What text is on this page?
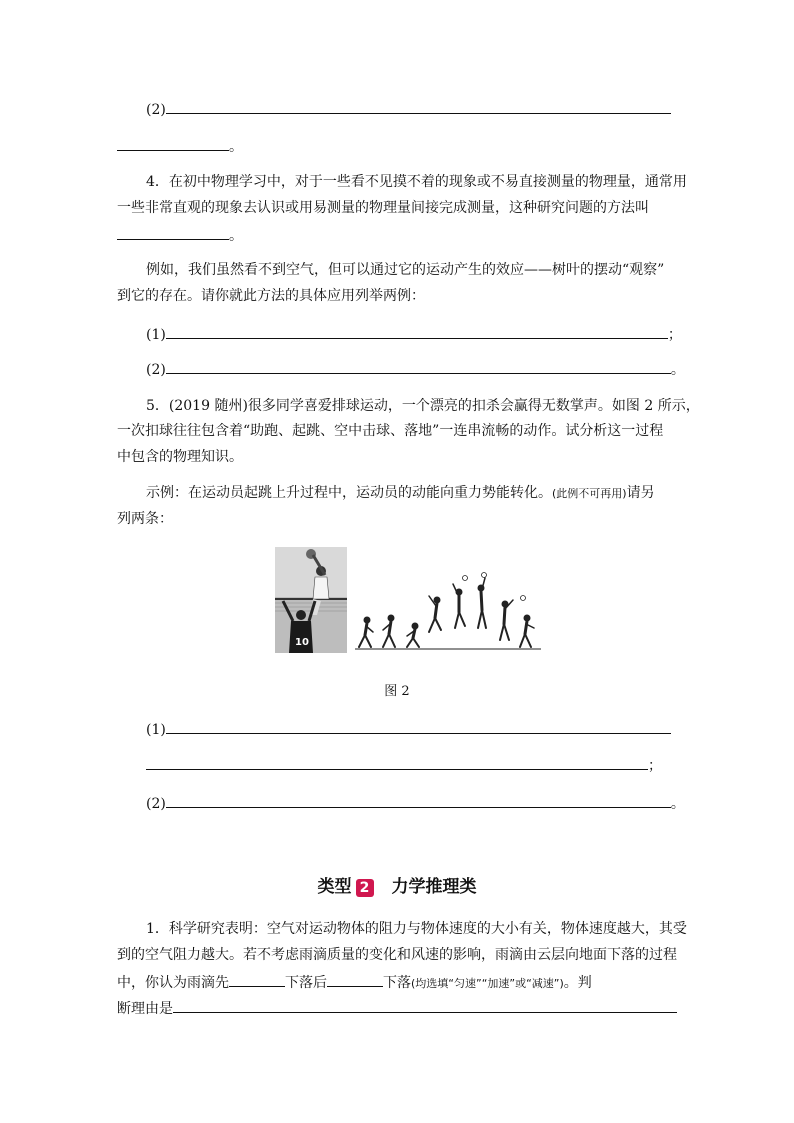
(2)
。
4．在初中物理学习中，对于一些看不见摸不着的现象或不易直接测量的物理量，通常用
一些非常直观的现象去认识或用易测量的物理量间接完成测量，这种研究问题的方法叫
。
例如，我们虽然看不到空气，但可以通过它的运动产生的效应——树叶的摆动“观察”
到它的存在。请你就此方法的具体应用列举两例：
(1)	；
(2)	。
5．(2019 随州)很多同学喜爱排球运动，一个漂亮的扣杀会赢得无数掌声。如图 2 所示，
一次扣球往往包含着“助跑、起跳、空中击球、落地”一连串流畅的动作。试分析这一过程
中包含的物理知识。
示例：在运动员起跳上升过程中，运动员的动能向重力势能转化。(此例不可再用)请另
列两条：
10
图 2
(1)
；
(2)	。
类型 2 力学推理类
1．科学研究表明：空气对运动物体的阻力与物体速度的大小有关，物体速度越大，其受
到的空气阻力越大。若不考虑雨滴质量的变化和风速的影响，雨滴由云层向地面下落的过程
中，你认为雨滴先	下落后	下落(均选填“匀速”“加速”或“减速”)。判
断理由是
